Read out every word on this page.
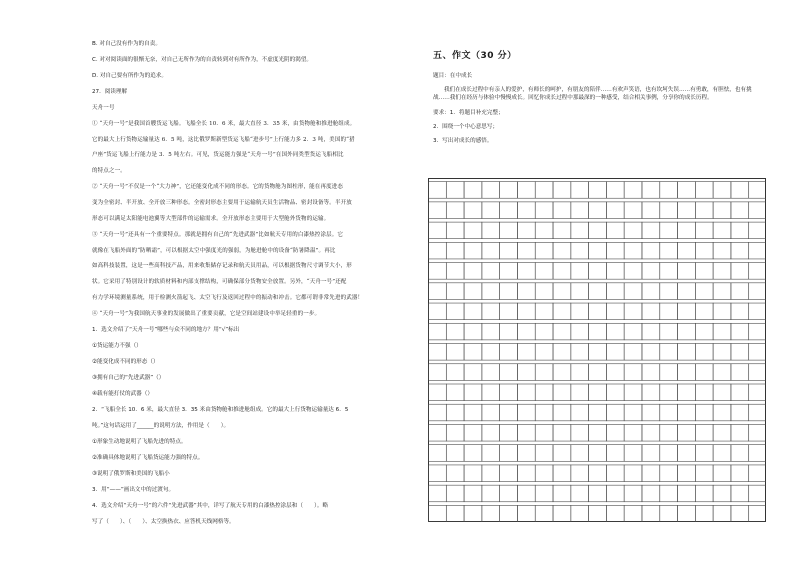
B. 对自己没有作为的自责。

C. 对对阅读面的很惭无奈，对自己无所作为的自责转到对有所作为，不虚度光阴的渴望。

D. 对自己要有所作为的追求。

27．阅读理解

天舟一号

① “天舟一号”是我国首艘货运飞船。飞船全长 10．6 米，最大直径 3．35 米，由货物舱和推进舱组成。

它的最大上行货物运输量达 6．5 吨，这比俄罗斯新型货运飞船“进步号”上行能力多 2．3 吨，美国的“猎

户座”货运飞船上行能力是 3．5 吨左右。可见，货运能力强是“天舟一号”在国外同类型货运飞船相比

的特点之一。

② “天舟一号”不仅是一个“大力神”，它还能变化成不同的形态。它的货物舱为图柱形，能在再度进态

变为全密封、半开放、全开放三种形态。全密封形态主要用于运输航天员生活物品、密封设备等。半开放

形态可以满足太阳能电池翼等大型部件的运输需求。全开放形态主要用于大型舱外货物的运输。

③ “天舟一号”还具有一个重要特点。那就是拥有自己的“先进武器”比如航天专用的白漆热控涂层。它

就像在飞船外面的“防晒霜”，可以根据太空中强度光的强弱，为舱进舱中的设备“防暑降温”。再比

如高科技装置，这是一些高科技产品，用来收集储存记录和航天员用品，可以根据货物尺寸调节大小，形

状。它采用了特别设计的软质材料和内部支撑结构，可确保部分货物安全放置。另外，“天舟一号”还配

有力学环境测量系统，用于检测火箭起飞、太空飞行及返回过程中的振动和冲击。它都可谓非常先进的武器！

④ “天舟一号”为我国航天事业的发展做出了重要贡献，它是空间站建设中举足轻重的一步。

1．选文介绍了“天舟一号”哪些与众不同的地方？用“√”标出

①货运能力不强（）

②能变化成不同的形态（）

③拥有自己的“先进武器”（）

④载有能打仗的武器（）

2．“飞船全长 10．6 米，最大直径 3．35 米由货物舱和推进舱组成。它的最大上行货物运输量达 6．5

吨。”这句话运用了______的说明方法，作用是（　　）。

①形象生动地说明了飞船先进的特点。

②准确具体地说明了飞船货运能力强的特点。

③说明了俄罗斯和美国的飞船小

3．用“——”画出文中的过渡句。

4．选文介绍“天舟一号”的六件“先进武器”其中，详写了航天专用的白漆热控涂层和（　　）。略

写了（　　）、（　　）、太空换热衣、应答机天线网格等。

五、作文（30 分）

题目：在中成长

我们在成长过程中有亲人的爱护，有师长的呵护，有朋友的陪伴……有欢声笑语，也有坎坷失误……有勇敢，有胆怯，也有挑战……我们在经历与体验中慢慢成长。回忆你成长过程中那最深的一种感受，结合相关事例，分享你的成长历程。

要求：1．将题目补充完整；

2．围绕一个中心意思写；

3．写出对成长的感悟。
